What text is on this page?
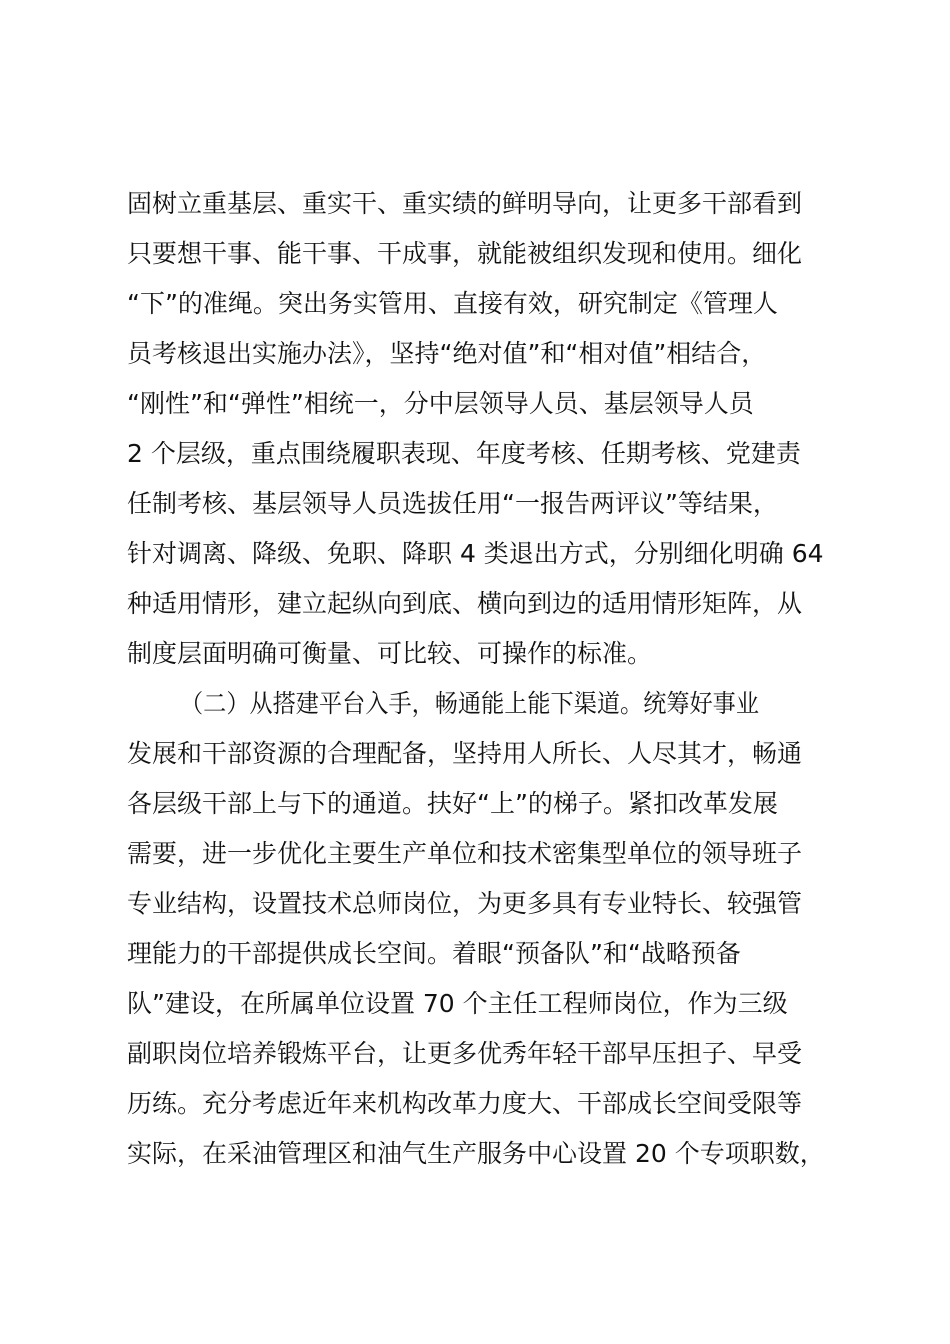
固树立重基层、重实干、重实绩的鲜明导向，让更多干部看到
只要想干事、能干事、干成事，就能被组织发现和使用。细化
“下”的准绳。突出务实管用、直接有效，研究制定《管理人
员考核退出实施办法》，坚持“绝对值”和“相对值”相结合，
“刚性”和“弹性”相统一，分中层领导人员、基层领导人员
2 个层级，重点围绕履职表现、年度考核、任期考核、党建责
任制考核、基层领导人员选拔任用“一报告两评议”等结果，
针对调离、降级、免职、降职 4 类退出方式，分别细化明确 64
种适用情形，建立起纵向到底、横向到边的适用情形矩阵，从
制度层面明确可衡量、可比较、可操作的标准。
（二）从搭建平台入手，畅通能上能下渠道。统筹好事业
发展和干部资源的合理配备，坚持用人所长、人尽其才，畅通
各层级干部上与下的通道。扶好“上”的梯子。紧扣改革发展
需要，进一步优化主要生产单位和技术密集型单位的领导班子
专业结构，设置技术总师岗位，为更多具有专业特长、较强管
理能力的干部提供成长空间。着眼“预备队”和“战略预备
队”建设，在所属单位设置 70 个主任工程师岗位，作为三级
副职岗位培养锻炼平台，让更多优秀年轻干部早压担子、早受
历练。充分考虑近年来机构改革力度大、干部成长空间受限等
实际，在采油管理区和油气生产服务中心设置 20 个专项职数，
